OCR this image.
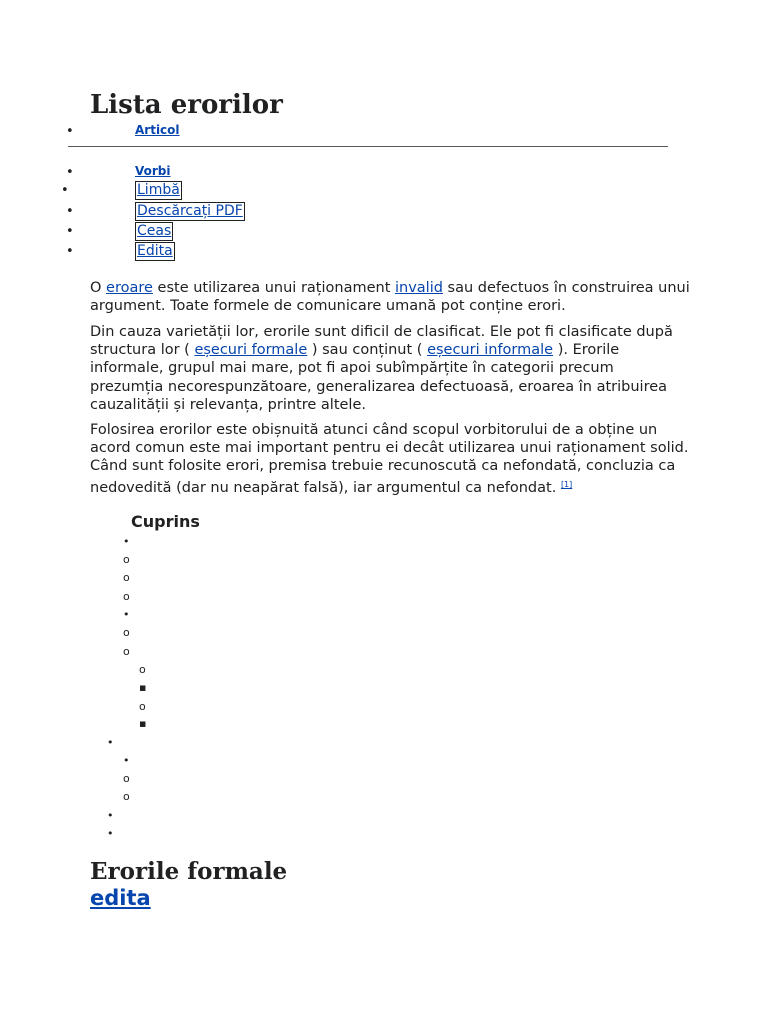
Lista erorilor
•	Articol
•	Vorbi
•	Limbă
•	Descărcați PDF
•	Ceas
•	Edita

O eroare este utilizarea unui raționament invalid sau defectuos în construirea unui argument. Toate formele de comunicare umană pot conține erori.

Din cauza varietății lor, erorile sunt dificil de clasificat. Ele pot fi clasificate după structura lor ( eșecuri formale ) sau conținut ( eșecuri informale ). Erorile informale, grupul mai mare, pot fi apoi subîmpărțite în categorii precum prezumția necorespunzătoare, generalizarea defectuoasă, eroarea în atribuirea cauzalității și relevanța, printre altele.

Folosirea erorilor este obișnuită atunci când scopul vorbitorului de a obține un acord comun este mai important pentru ei decât utilizarea unui raționament solid. Când sunt folosite erori, premisa trebuie recunoscută ca nefondată, concluzia ca nedovedită (dar nu neapărat falsă), iar argumentul ca nefondat. [1]

Cuprins
•
o
o
o
•
o
o
o
▪
o
▪
•
•
o
o
•
•
Erorile formale
edita
